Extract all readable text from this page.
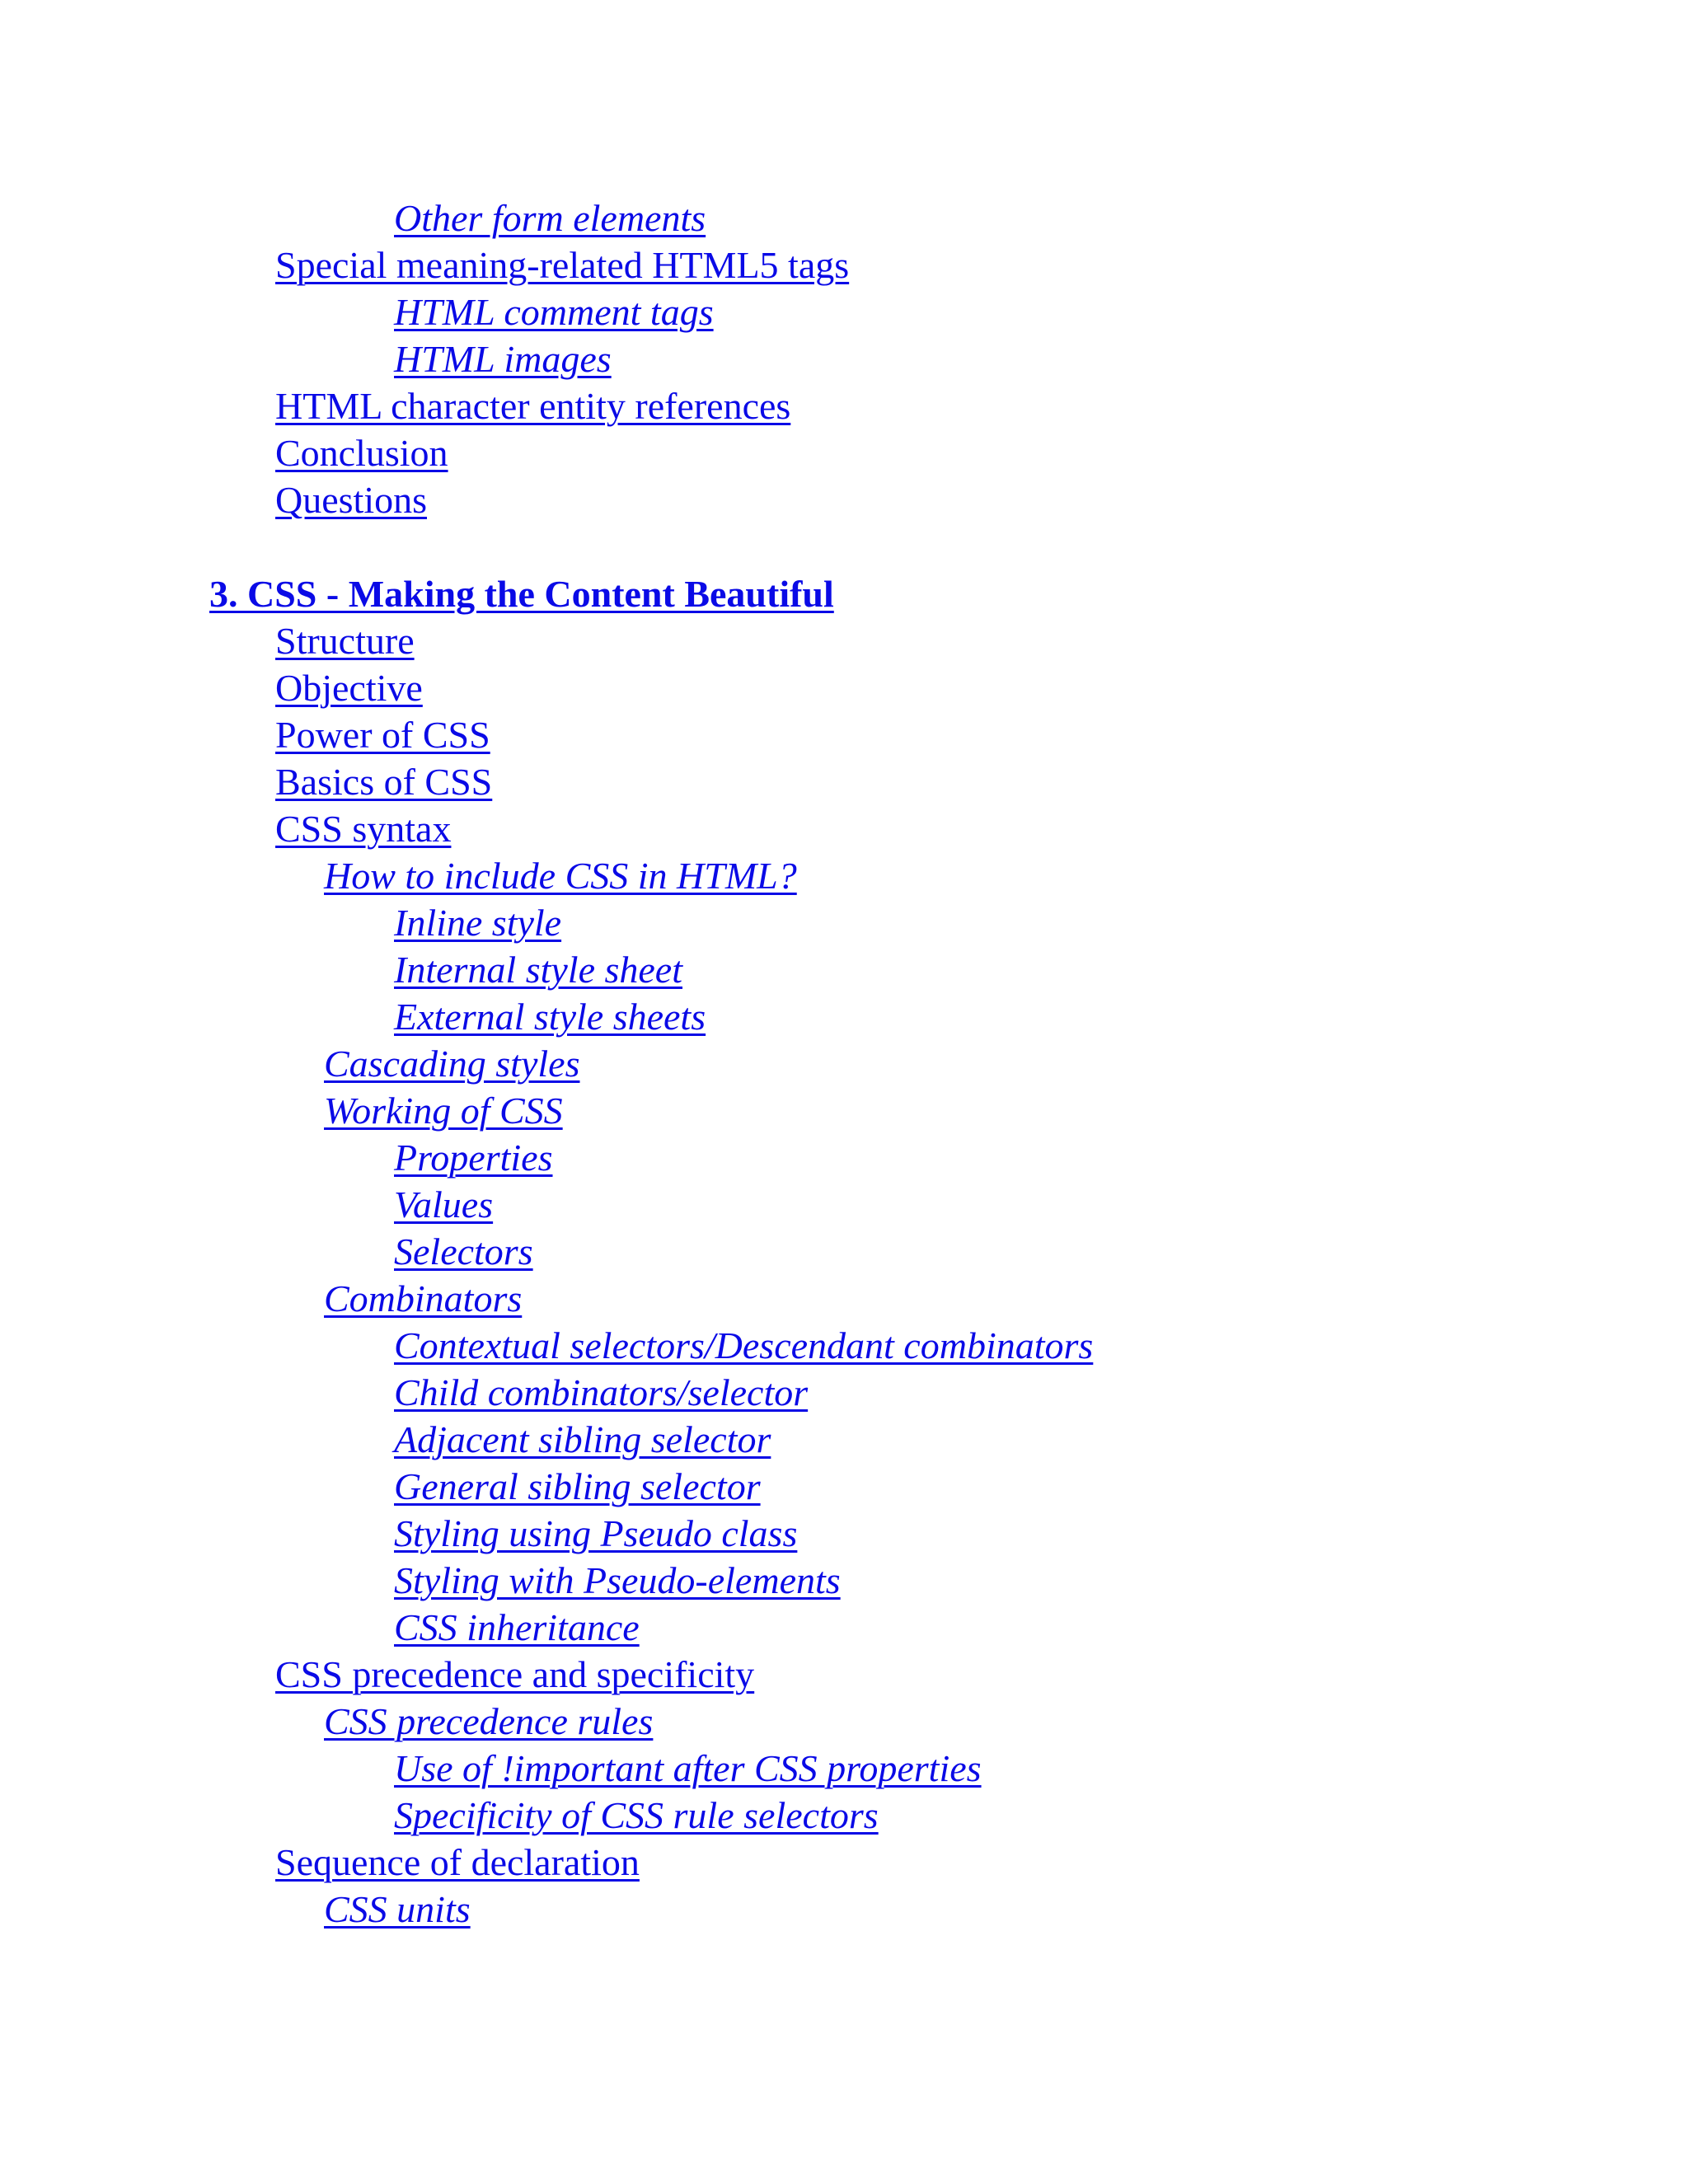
Other form elements
Special meaning-related HTML5 tags
HTML comment tags
HTML images
HTML character entity references
Conclusion
Questions
3. CSS - Making the Content Beautiful
Structure
Objective
Power of CSS
Basics of CSS
CSS syntax
How to include CSS in HTML?
Inline style
Internal style sheet
External style sheets
Cascading styles
Working of CSS
Properties
Values
Selectors
Combinators
Contextual selectors/Descendant combinators
Child combinators/selector
Adjacent sibling selector
General sibling selector
Styling using Pseudo class
Styling with Pseudo-elements
CSS inheritance
CSS precedence and specificity
CSS precedence rules
Use of !important after CSS properties
Specificity of CSS rule selectors
Sequence of declaration
CSS units
